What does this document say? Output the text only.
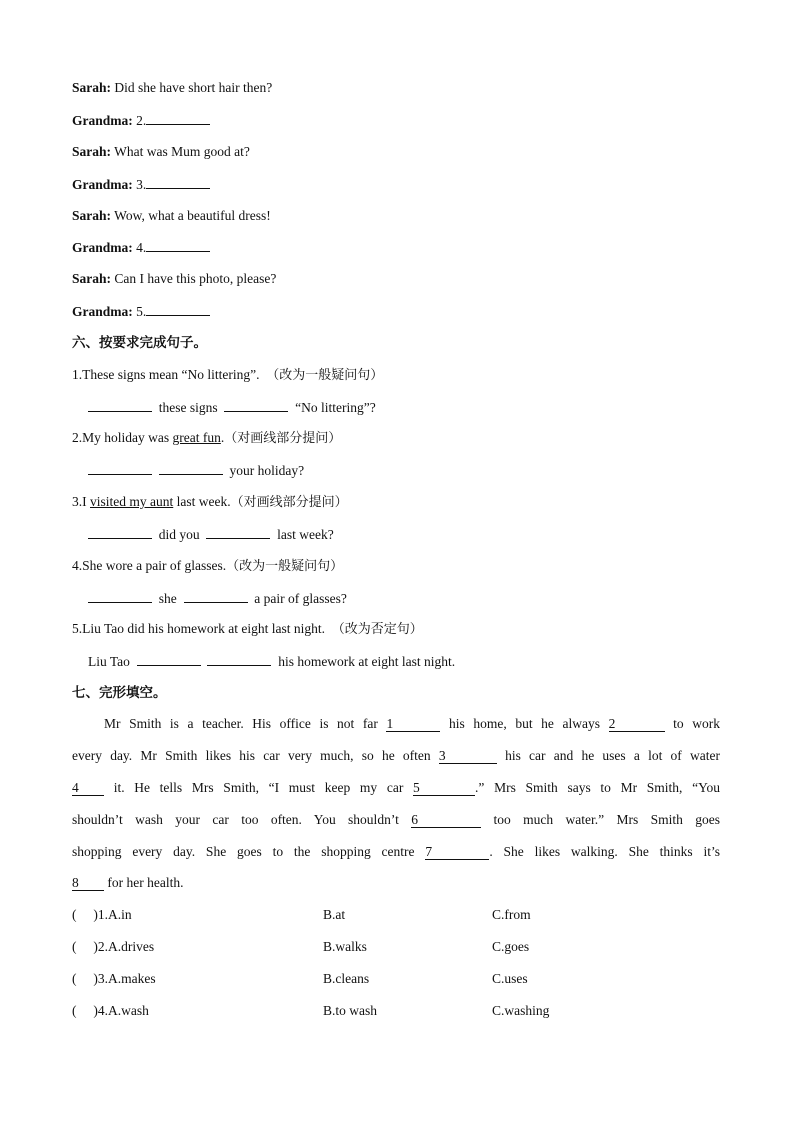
Sarah: Did she have short hair then?
Grandma: 2.
Sarah: What was Mum good at?
Grandma: 3.
Sarah: Wow, what a beautiful dress!
Grandma: 4.
Sarah: Can I have this photo, please?
Grandma: 5.
六、按要求完成句子。
1.These signs mean “No littering”. （改为一般疑问句）
these signs	“No littering”?
2.My holiday was great fun.（对画线部分提问）
your holiday?
3.I visited my aunt last week.（对画线部分提问）
did you	last week?
4.She wore a pair of glasses.（改为一般疑问句）
she	a pair of glasses?
5.Liu Tao did his homework at eight last night. （改为否定句）
Liu Tao	his homework at eight last night.
七、完形填空。
Mr Smith is a teacher. His office is not far 1	his home, but he always 2	to work
every day. Mr Smith likes his car very much, so he often 3	his car and he uses a lot of water
4 it. He tells Mrs Smith, “I must keep my car 5	.” Mrs Smith says to Mr Smith, “You
shouldn’t wash your car too often. You shouldn’t 6	too much water.” Mrs Smith goes
shopping every day. She goes to the shopping centre 7	. She likes walking. She thinks it’s
8 for her health.
(　 )1.A.in	B.at	C.from
(　 )2.A.drives	B.walks	C.goes
(　 )3.A.makes	B.cleans	C.uses
(　 )4.A.wash	B.to wash	C.washing
